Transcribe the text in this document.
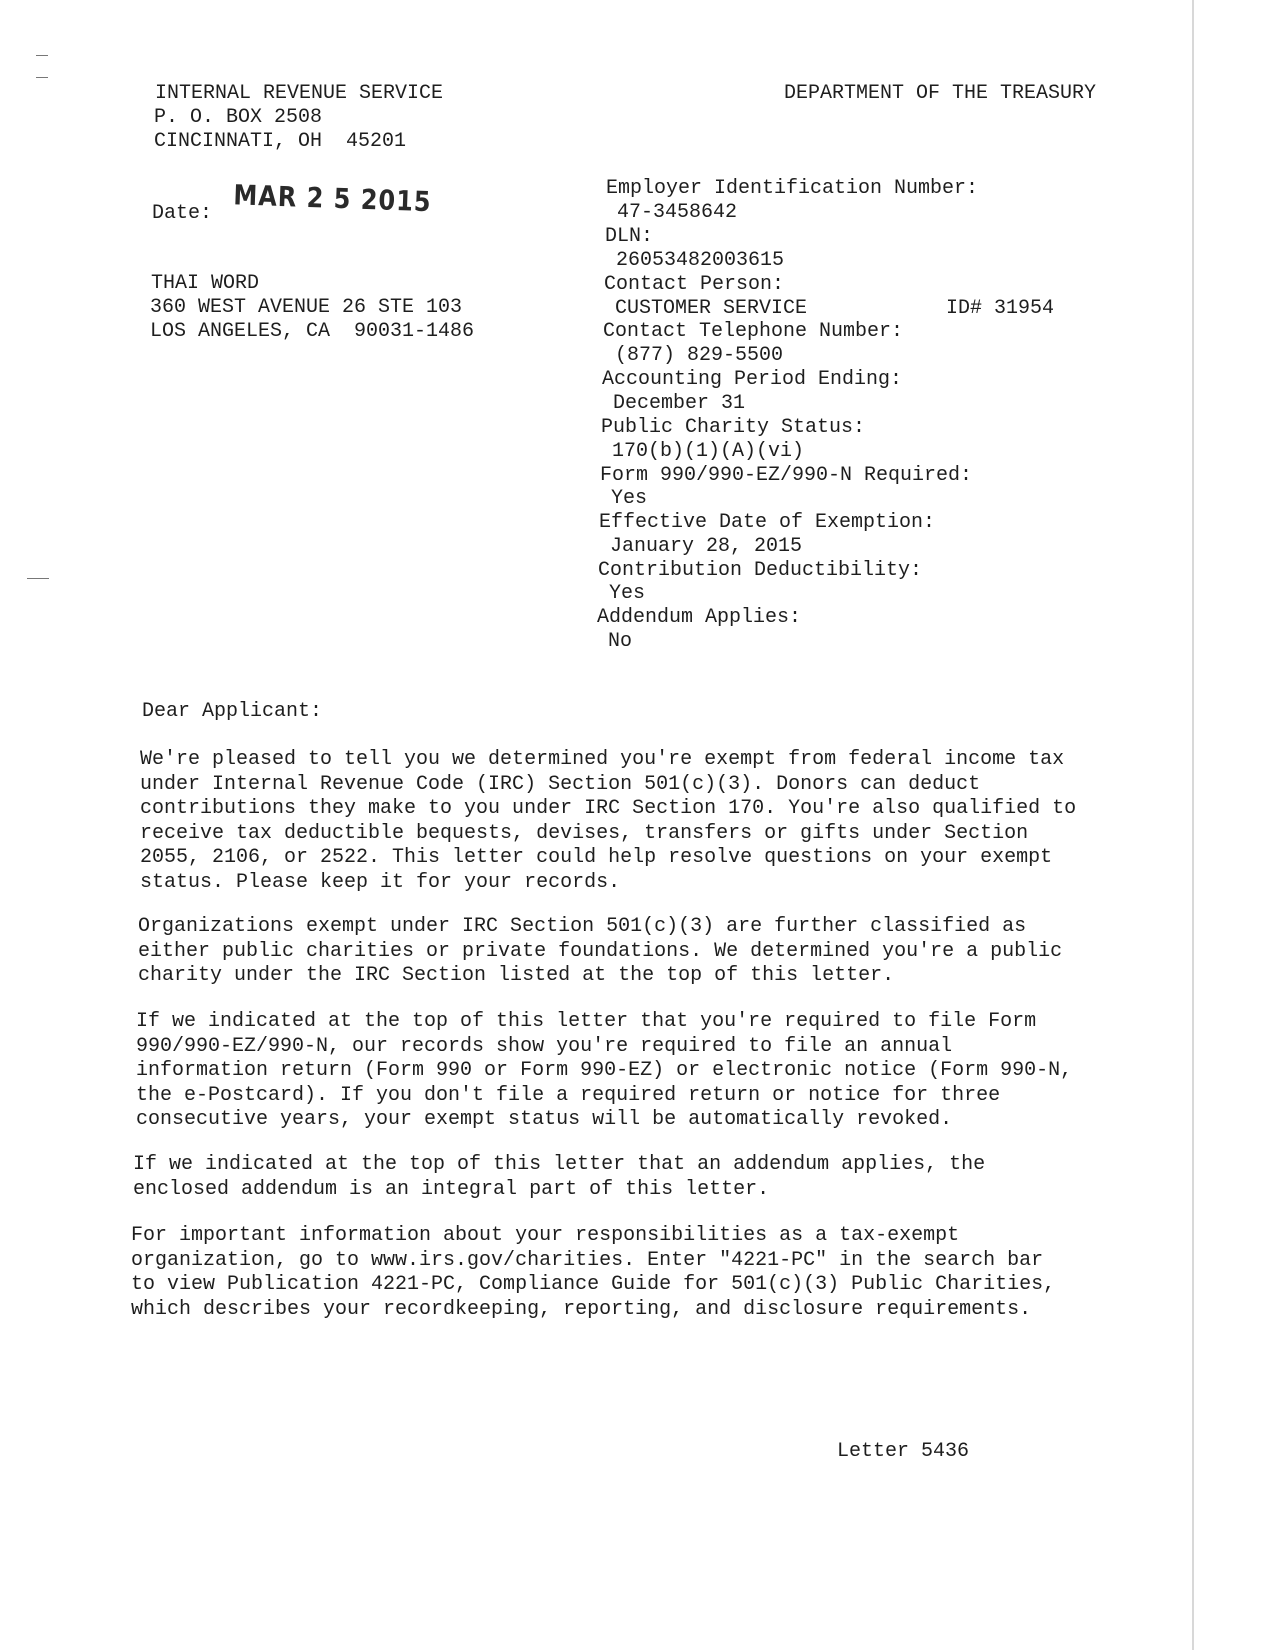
INTERNAL REVENUE SERVICE
P. O. BOX 2508
CINCINNATI, OH  45201
DEPARTMENT OF THE TREASURY
Date: MAR 2 5 2015
THAI WORD
360 WEST AVENUE 26 STE 103
LOS ANGELES, CA  90031-1486
Employer Identification Number:
47-3458642
DLN:
26053482003615
Contact Person:
CUSTOMER SERVICE	ID# 31954
Contact Telephone Number:
(877) 829-5500
Accounting Period Ending:
December 31
Public Charity Status:
170(b)(1)(A)(vi)
Form 990/990-EZ/990-N Required:
Yes
Effective Date of Exemption:
January 28, 2015
Contribution Deductibility:
Yes
Addendum Applies:
No
Dear Applicant:
We're pleased to tell you we determined you're exempt from federal income tax
under Internal Revenue Code (IRC) Section 501(c)(3). Donors can deduct
contributions they make to you under IRC Section 170. You're also qualified to
receive tax deductible bequests, devises, transfers or gifts under Section
2055, 2106, or 2522. This letter could help resolve questions on your exempt
status. Please keep it for your records.
Organizations exempt under IRC Section 501(c)(3) are further classified as
either public charities or private foundations. We determined you're a public
charity under the IRC Section listed at the top of this letter.
If we indicated at the top of this letter that you're required to file Form
990/990-EZ/990-N, our records show you're required to file an annual
information return (Form 990 or Form 990-EZ) or electronic notice (Form 990-N,
the e-Postcard). If you don't file a required return or notice for three
consecutive years, your exempt status will be automatically revoked.
If we indicated at the top of this letter that an addendum applies, the
enclosed addendum is an integral part of this letter.
For important information about your responsibilities as a tax-exempt
organization, go to www.irs.gov/charities. Enter "4221-PC" in the search bar
to view Publication 4221-PC, Compliance Guide for 501(c)(3) Public Charities,
which describes your recordkeeping, reporting, and disclosure requirements.
Letter 5436
